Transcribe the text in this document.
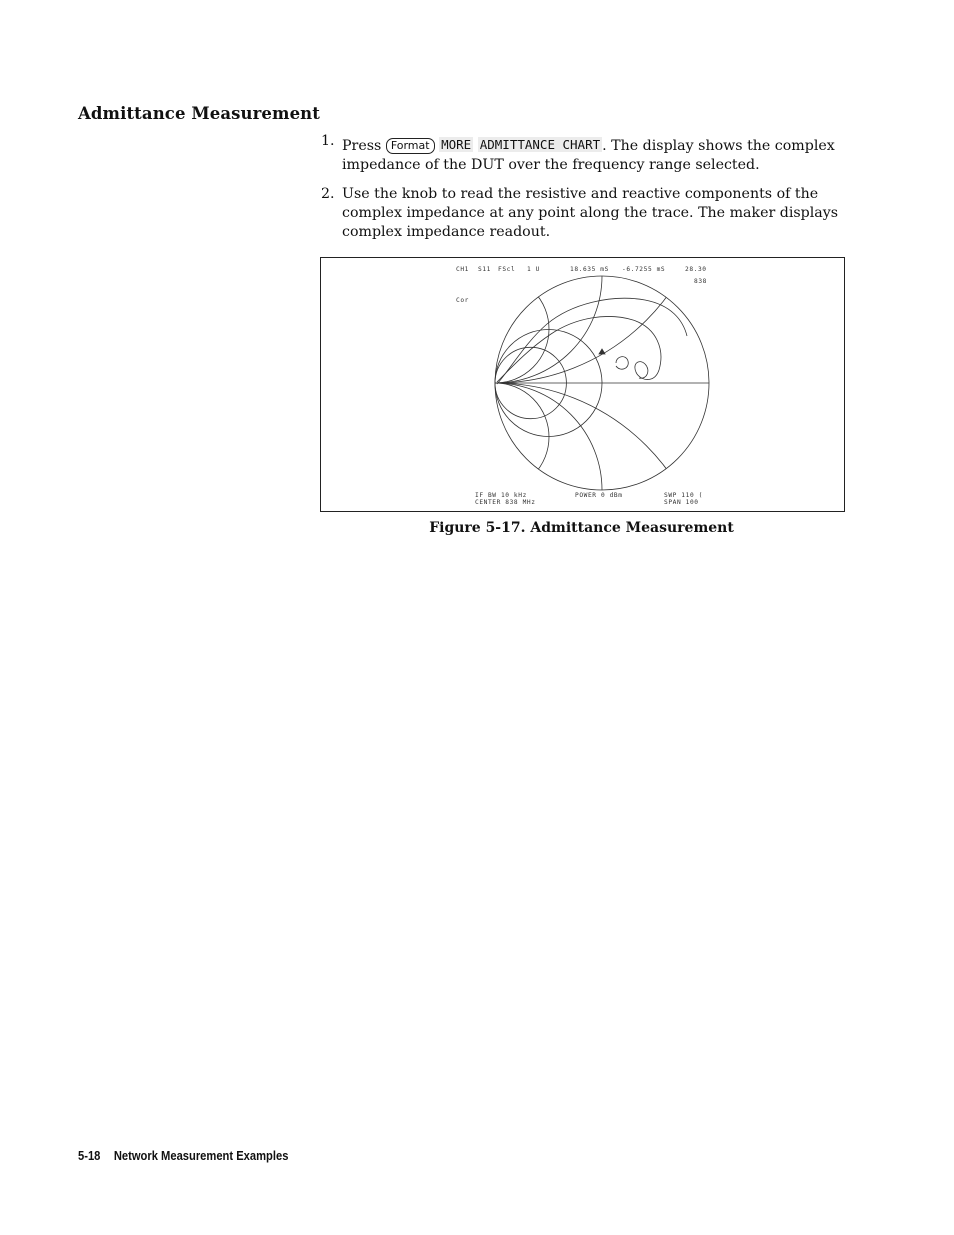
Admittance Measurement
1. Press Format MORE ADMITTANCE CHART . The display shows the complex impedance of the DUT over the frequency range selected.
2. Use the knob to read the resistive and reactive components of the complex impedance at any point along the trace. The maker displays complex impedance readout.
CH1 S11 FScl 1 U	18.635 mS -6.7255 mS	28.30
838
Cor
IF BW 10 kHz
CENTER 838 MHz
POWER 0 dBm	SWP 110 (
SPAN 100
Figure 5-17. Admittance Measurement
5-18 Network Measurement Examples
